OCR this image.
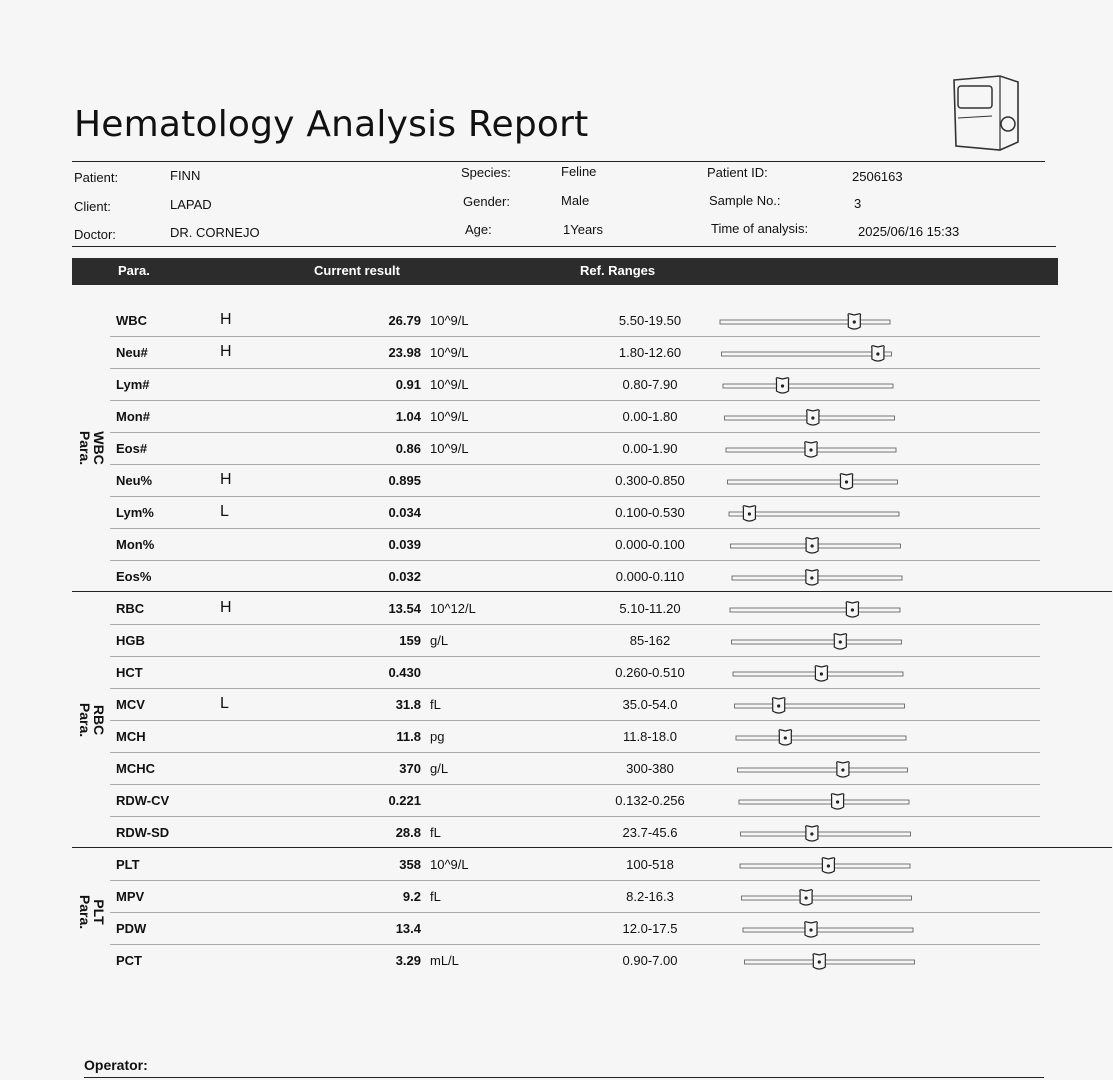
Hematology Analysis Report
Patient:	FINN
Client:	LAPAD
Doctor:	DR. CORNEJO
Species:	Feline
Gender:	Male
Age:	1Years
Patient ID:	2506163
Sample No.:	3
Time of analysis:	2025/06/16 15:33
Para.	Current result	Ref. Ranges
WBC	H	26.79 10^9/L	5.50-19.50
Neu#	H	23.98 10^9/L	1.80-12.60
Lym#	0.91 10^9/L	0.80-7.90
Mon#	1.04 10^9/L	0.00-1.80
Eos#	0.86 10^9/L	0.00-1.90
Neu%	H	0.895	0.300-0.850
Lym%	L	0.034	0.100-0.530
Mon%	0.039	0.000-0.100
Eos%	0.032	0.000-0.110
WBC
Para.
RBC	H	13.54 10^12/L	5.10-11.20
HGB	159 g/L	85-162
HCT	0.430	0.260-0.510
MCV	L	31.8 fL	35.0-54.0
MCH	11.8 pg	11.8-18.0
MCHC	370 g/L	300-380
RDW-CV	0.221	0.132-0.256
RDW-SD	28.8 fL	23.7-45.6
RBC
Para.
PLT	358 10^9/L	100-518
MPV	9.2 fL	8.2-16.3
PDW	13.4	12.0-17.5
PCT	3.29 mL/L	0.90-7.00
PLT
Para.
Operator:
